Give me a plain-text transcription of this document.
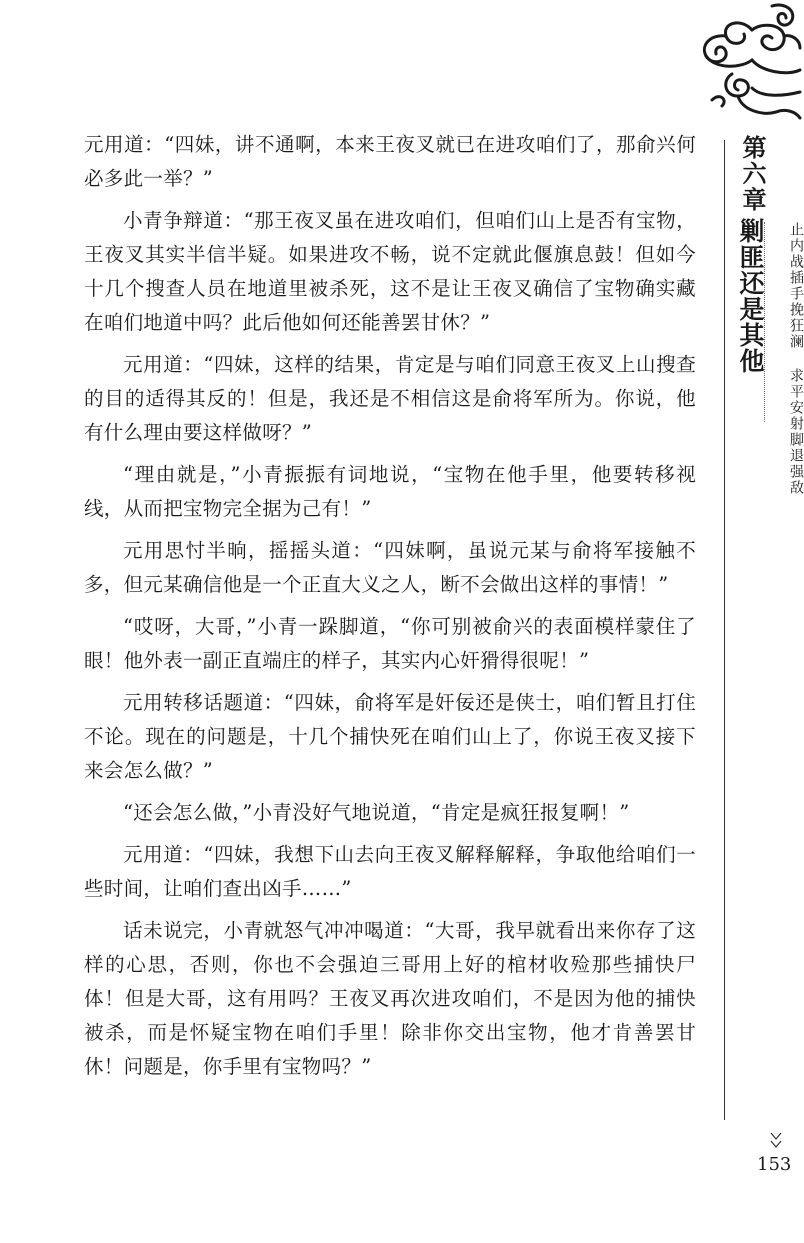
第六章
剿匪还是其他	止内战插手挽狂澜 求平安射脚退强敌
153

元用道：“四妹，讲不通啊，本来王夜叉就已在进攻咱们了，那俞兴何必多此一举？”

小青争辩道：“那王夜叉虽在进攻咱们，但咱们山上是否有宝物，王夜叉其实半信半疑。如果进攻不畅，说不定就此偃旗息鼓！但如今十几个搜查人员在地道里被杀死，这不是让王夜叉确信了宝物确实藏在咱们地道中吗？此后他如何还能善罢甘休？”

元用道：“四妹，这样的结果，肯定是与咱们同意王夜叉上山搜查的目的适得其反的！但是，我还是不相信这是俞将军所为。你说，他有什么理由要这样做呀？”

“理由就是，”小青振振有词地说，“宝物在他手里，他要转移视线，从而把宝物完全据为己有！”

元用思忖半晌，摇摇头道：“四妹啊，虽说元某与俞将军接触不多，但元某确信他是一个正直大义之人，断不会做出这样的事情！”

“哎呀，大哥，”小青一跺脚道，“你可别被俞兴的表面模样蒙住了眼！他外表一副正直端庄的样子，其实内心奸猾得很呢！”

元用转移话题道：“四妹，俞将军是奸佞还是侠士，咱们暂且打住不论。现在的问题是，十几个捕快死在咱们山上了，你说王夜叉接下来会怎么做？”

“还会怎么做，”小青没好气地说道，“肯定是疯狂报复啊！”

元用道：“四妹，我想下山去向王夜叉解释解释，争取他给咱们一些时间，让咱们查出凶手……”

话未说完，小青就怒气冲冲喝道：“大哥，我早就看出来你存了这样的心思，否则，你也不会强迫三哥用上好的棺材收殓那些捕快尸体！但是大哥，这有用吗？王夜叉再次进攻咱们，不是因为他的捕快被杀，而是怀疑宝物在咱们手里！除非你交出宝物，他才肯善罢甘休！问题是，你手里有宝物吗？”
